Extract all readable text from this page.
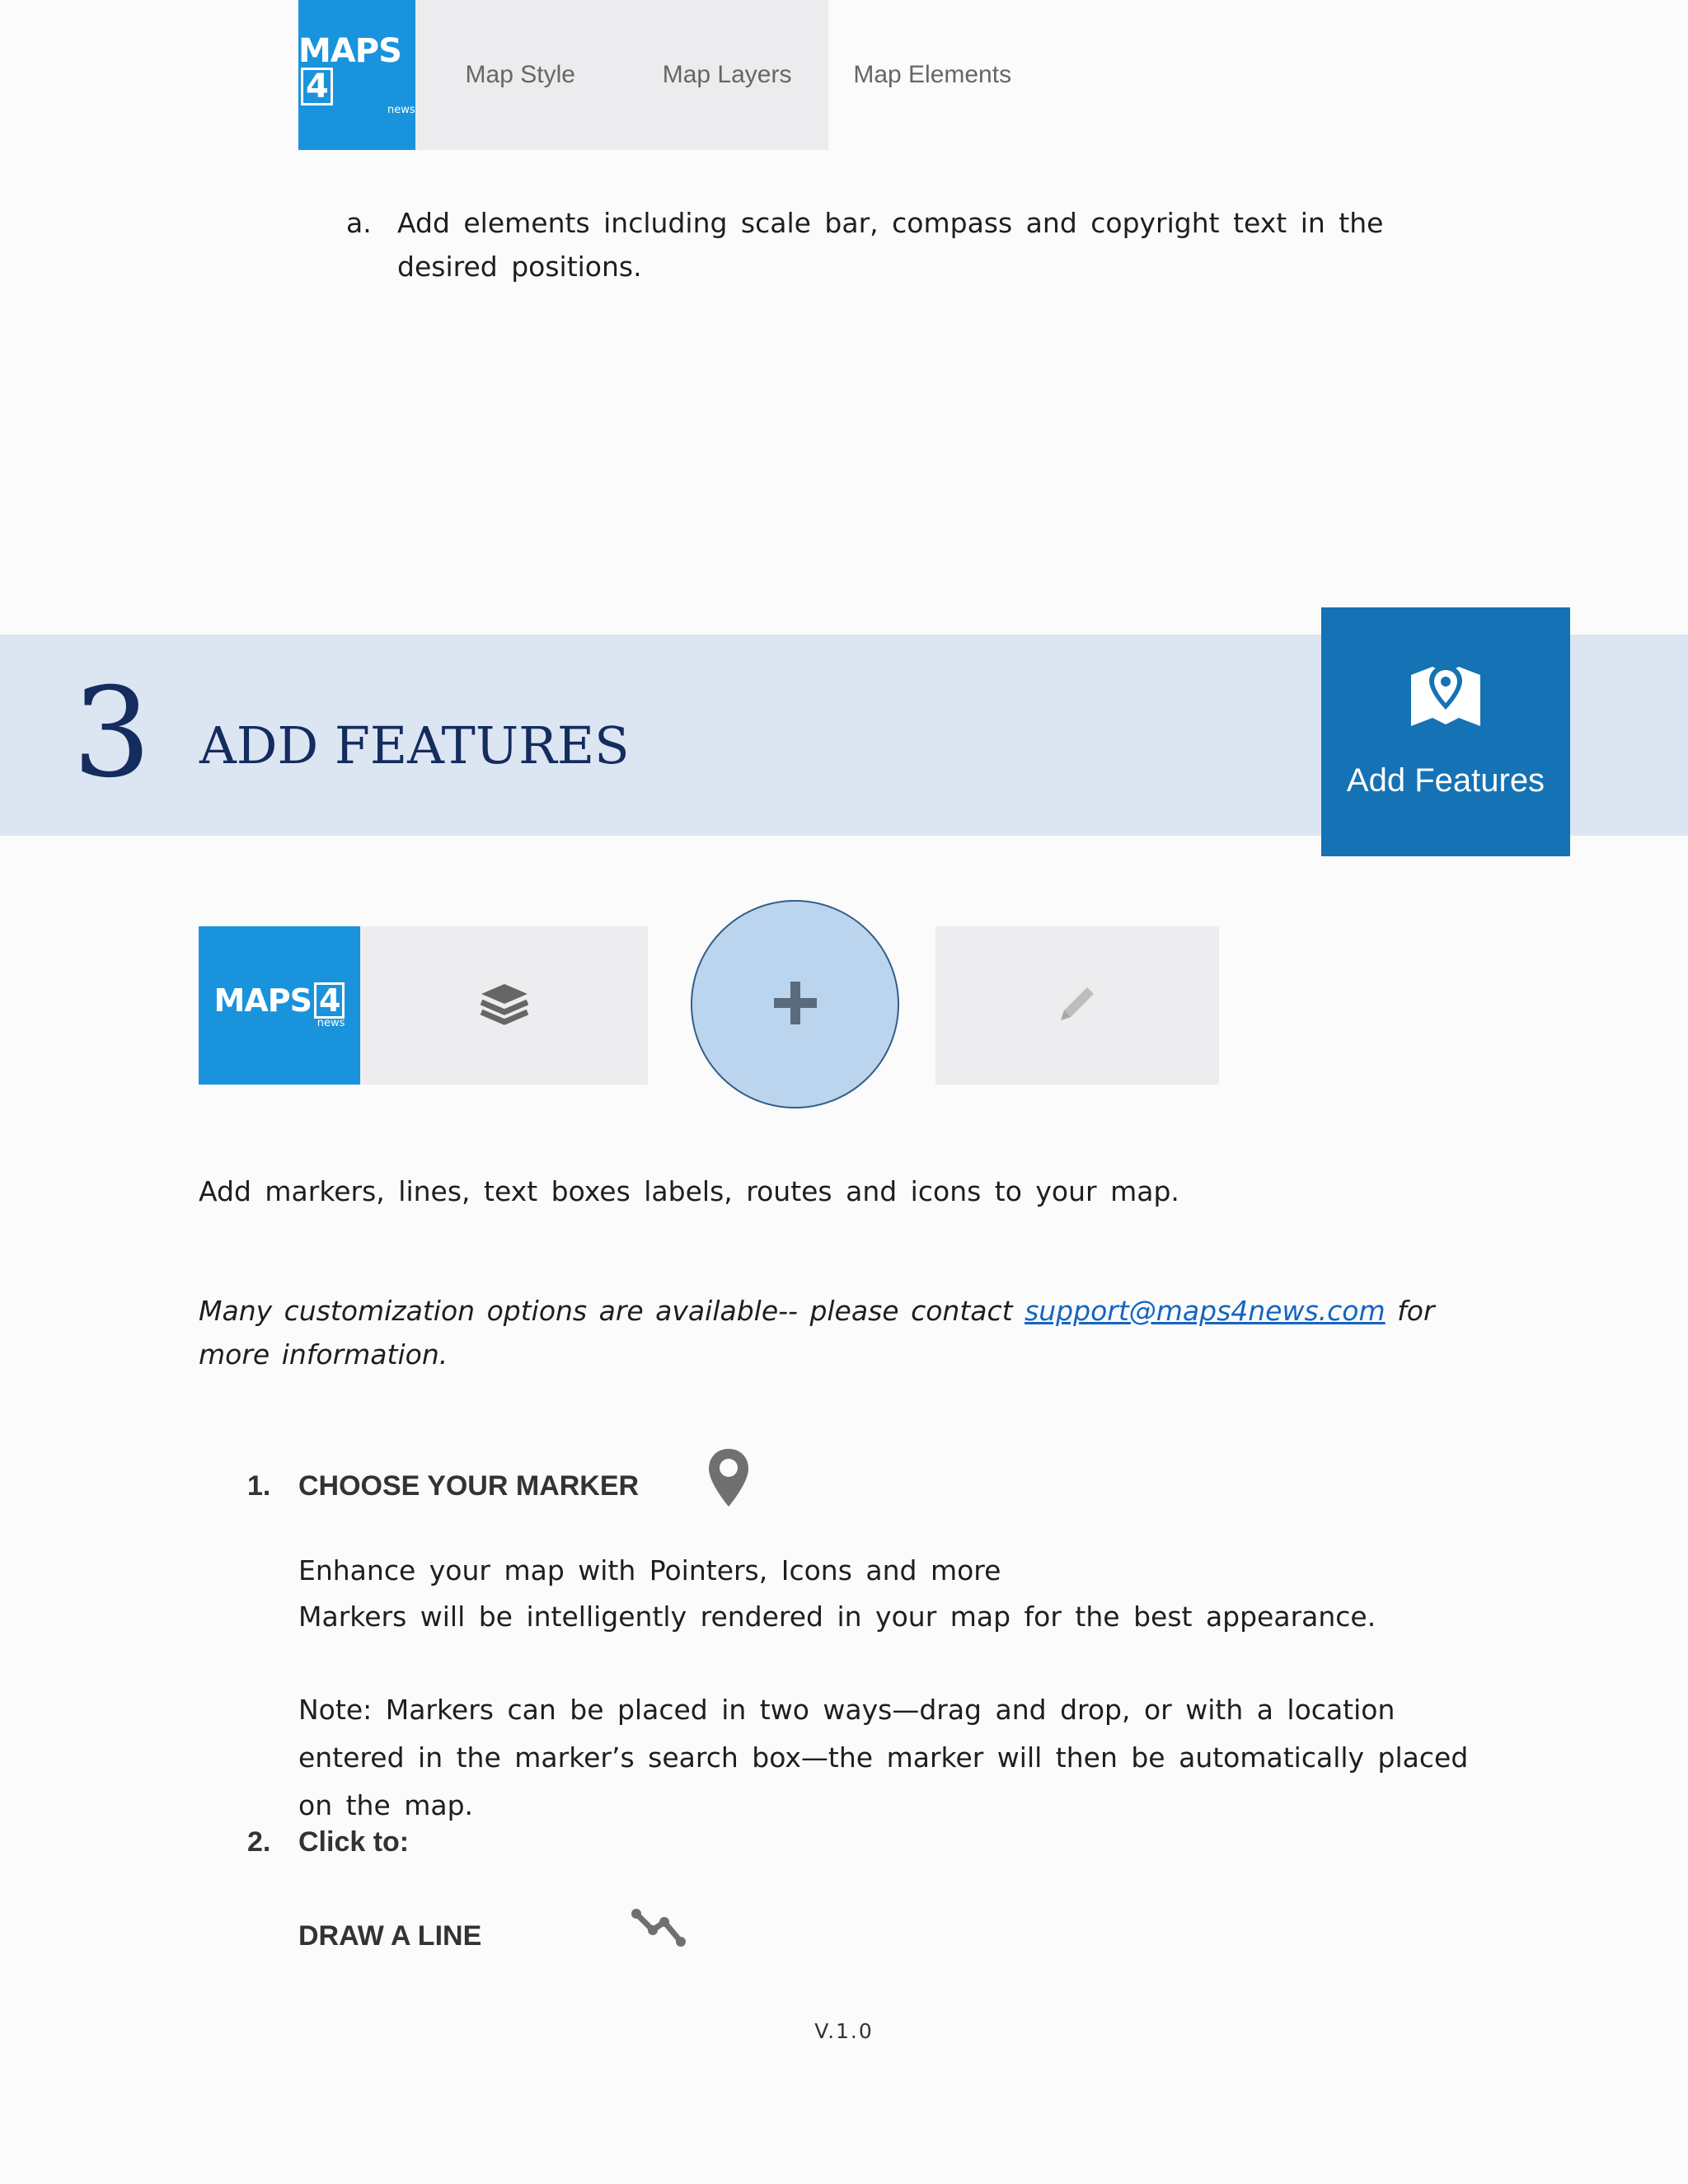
MAPS4
news
Map Style	Map Layers Map Elements
a. Add elements including scale bar, compass and copyright text in the desired positions.
3 ADD FEATURES
Add Features
MAPS 4
news
Add markers, lines, text boxes labels, routes and icons to your map.
Many customization options are available-- please contact support@maps4news.com for more information.
1. CHOOSE YOUR MARKER
Enhance your map with Pointers, Icons and more
Markers will be intelligently rendered in your map for the best appearance.
Note: Markers can be placed in two ways—drag and drop, or with a location entered in the marker’s search box—the marker will then be automatically placed on the map.
2. Click to:
DRAW A LINE
V.1.0
